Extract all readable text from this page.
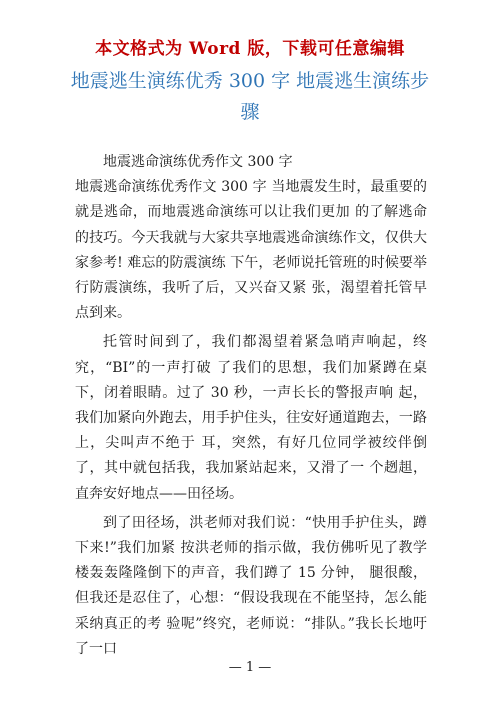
本文格式为 Word 版，下载可任意编辑
地震逃生演练优秀 300 字 地震逃生演练步骤

地震逃命演练优秀作文 300 字

地震逃命演练优秀作文 300 字 当地震发生时，最重要的就是逃命，而地震逃命演练可以让我们更加 的了解逃命的技巧。今天我就与大家共享地震逃命演练作文，仅供大家参考! 难忘的防震演练 下午，老师说托管班的时候要举行防震演练，我听了后，又兴奋又紧 张，渴望着托管早点到来。

托管时间到了，我们都渴望着紧急哨声响起，终究，“BI”的一声打破 了我们的思想，我们加紧蹲在桌下，闭着眼睛。过了 30 秒，一声长长的警报声响 起，我们加紧向外跑去，用手护住头，往安好通道跑去，一路上，尖叫声不绝于 耳，突然，有好几位同学被绞伴倒了，其中就包括我，我加紧站起来，又滑了一 个趔趄，直奔安好地点——田径场。

到了田径场，洪老师对我们说：“快用手护住头，蹲下来!”我们加紧 按洪老师的指示做，我仿佛听见了教学楼轰轰隆隆倒下的声音，我们蹲了 15 分钟， 腿很酸，但我还是忍住了，心想：“假设我现在不能坚持，怎么能采纳真正的考 验呢”终究，老师说：“排队。”我长长地吁了一口

— 1 —
